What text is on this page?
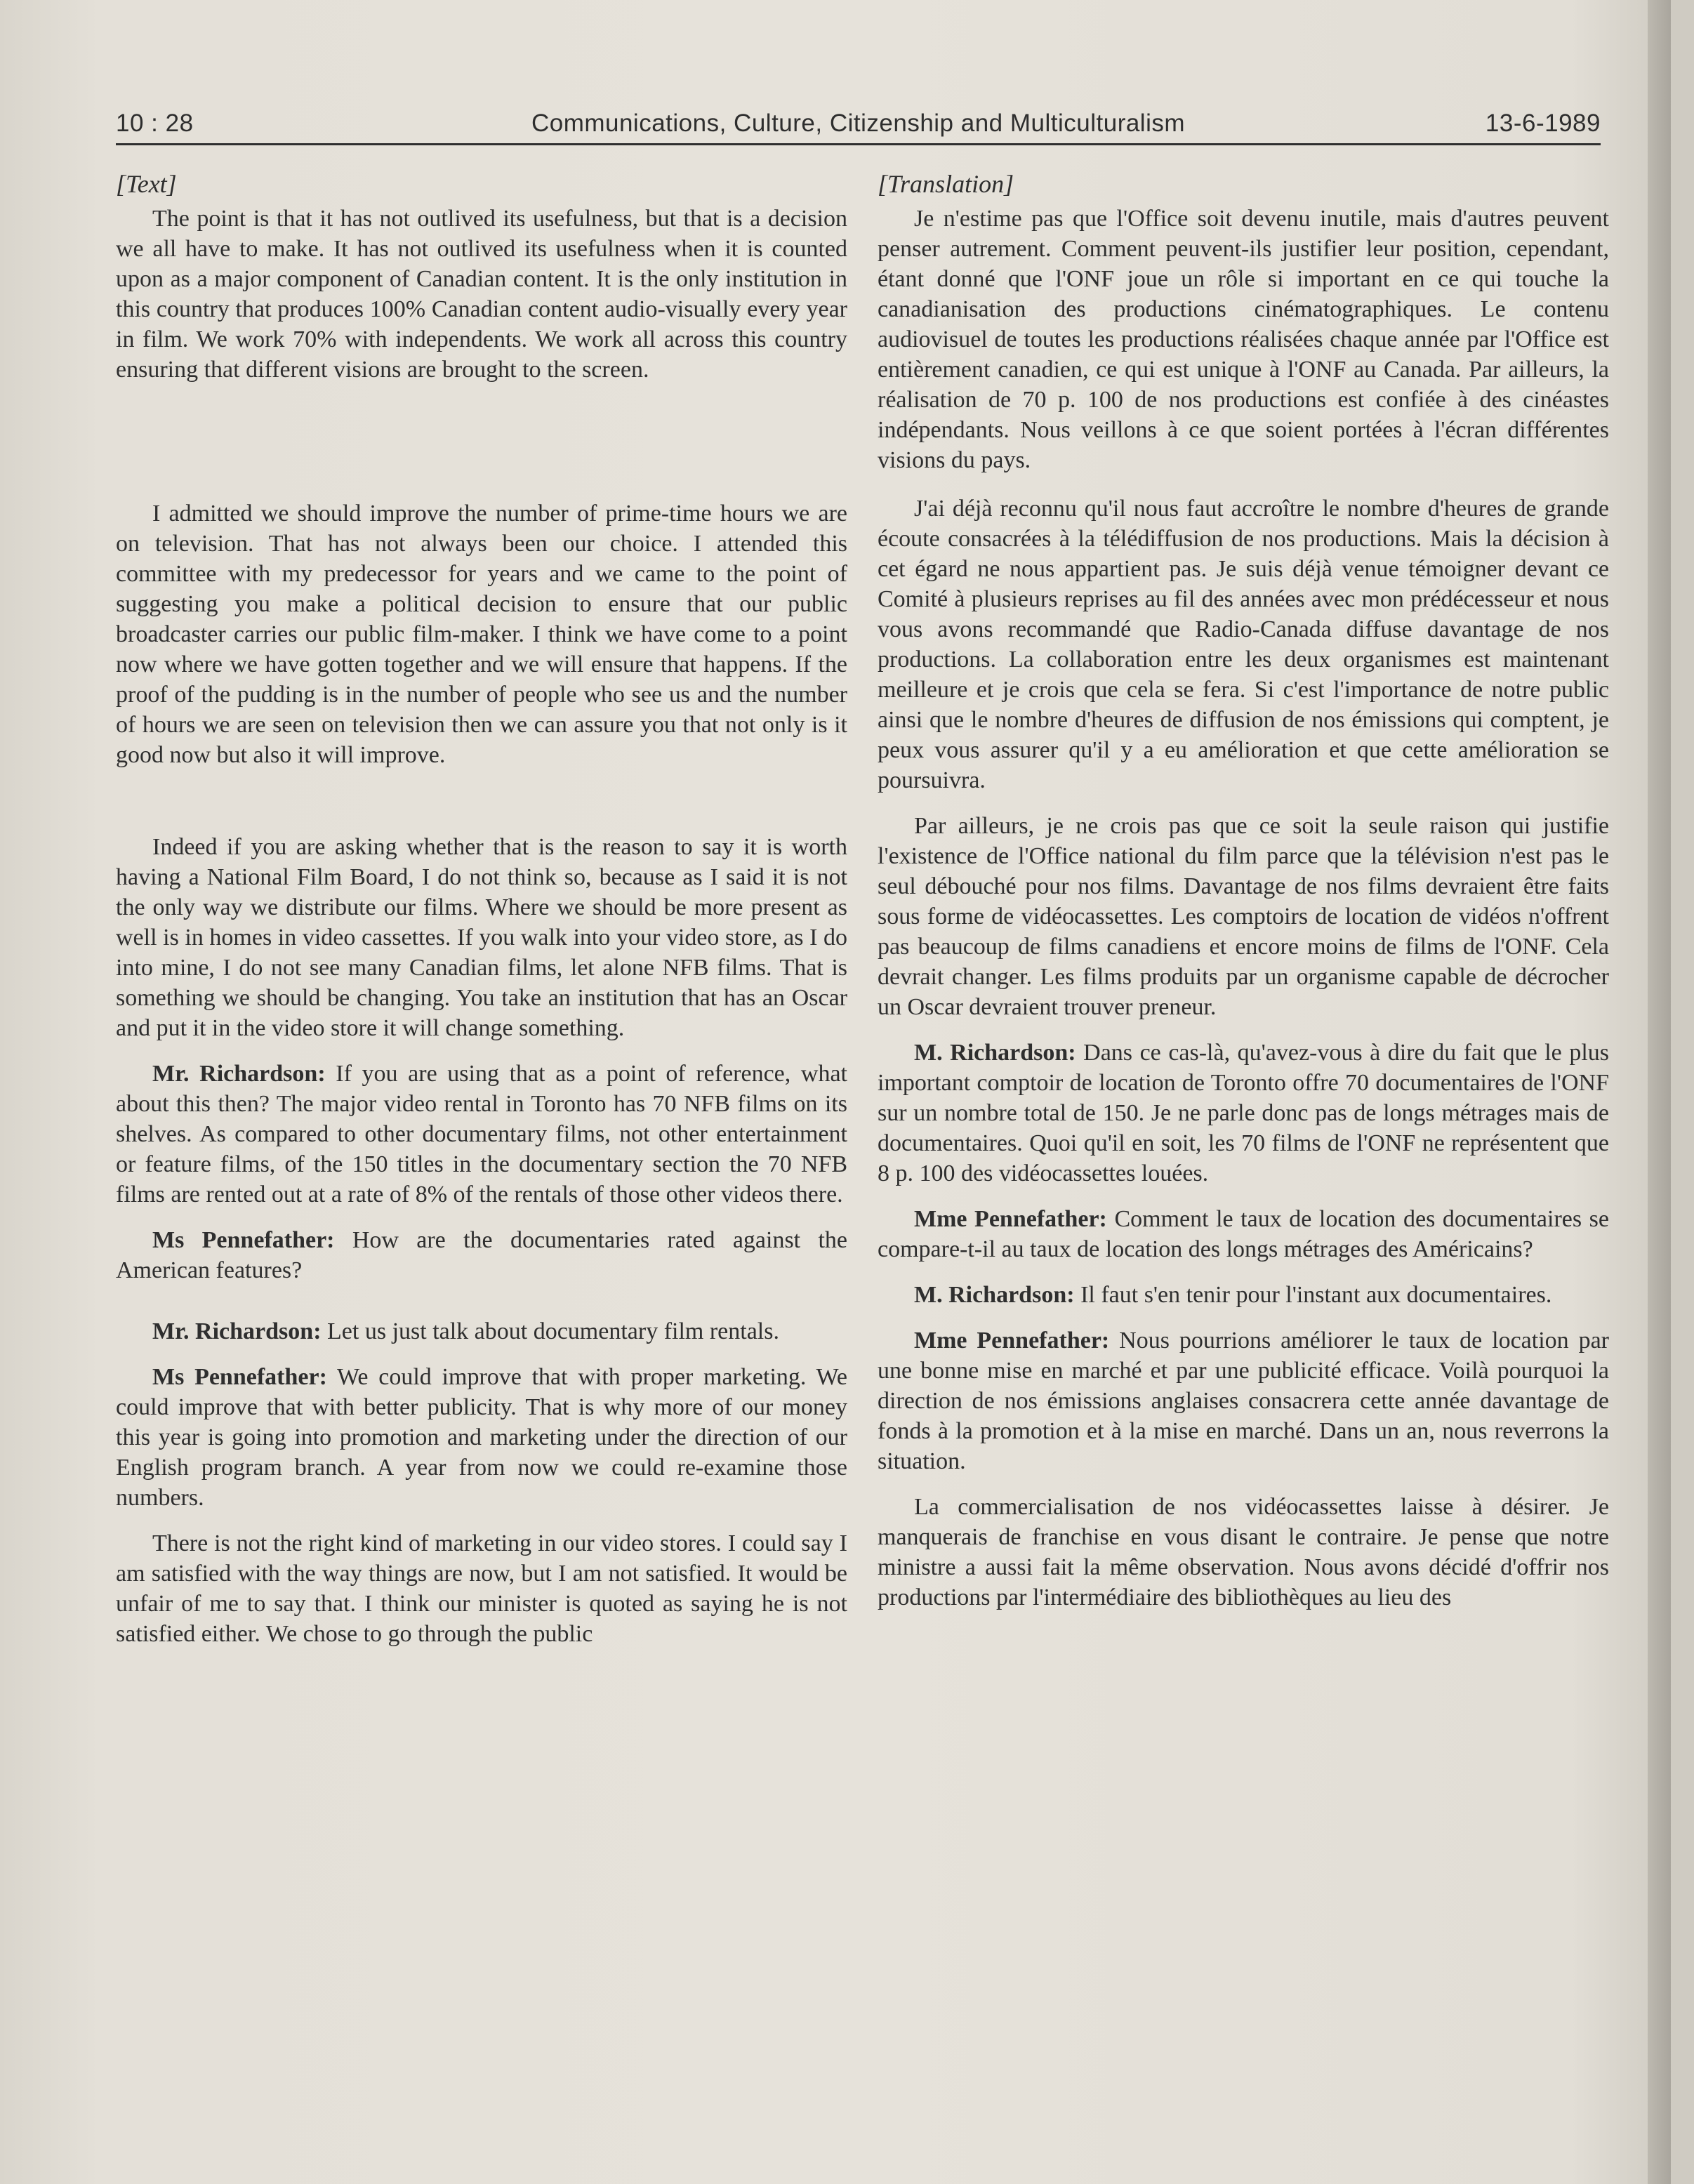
10 : 28	Communications, Culture, Citizenship and Multiculturalism	13-6-1989
[Text]

The point is that it has not outlived its usefulness, but that is a decision we all have to make. It has not outlived its usefulness when it is counted upon as a major component of Canadian content. It is the only institution in this country that produces 100% Canadian content audio-visually every year in film. We work 70% with independents. We work all across this country ensuring that different visions are brought to the screen.

I admitted we should improve the number of prime-time hours we are on television. That has not always been our choice. I attended this committee with my predecessor for years and we came to the point of suggesting you make a political decision to ensure that our public broadcaster carries our public film-maker. I think we have come to a point now where we have gotten together and we will ensure that happens. If the proof of the pudding is in the number of people who see us and the number of hours we are seen on television then we can assure you that not only is it good now but also it will improve.

Indeed if you are asking whether that is the reason to say it is worth having a National Film Board, I do not think so, because as I said it is not the only way we distribute our films. Where we should be more present as well is in homes in video cassettes. If you walk into your video store, as I do into mine, I do not see many Canadian films, let alone NFB films. That is something we should be changing. You take an institution that has an Oscar and put it in the video store it will change something.

Mr. Richardson: If you are using that as a point of reference, what about this then? The major video rental in Toronto has 70 NFB films on its shelves. As compared to other documentary films, not other entertainment or feature films, of the 150 titles in the documentary section the 70 NFB films are rented out at a rate of 8% of the rentals of those other videos there.

Ms Pennefather: How are the documentaries rated against the American features?

Mr. Richardson: Let us just talk about documentary film rentals.

Ms Pennefather: We could improve that with proper marketing. We could improve that with better publicity. That is why more of our money this year is going into promotion and marketing under the direction of our English program branch. A year from now we could re-examine those numbers.

There is not the right kind of marketing in our video stores. I could say I am satisfied with the way things are now, but I am not satisfied. It would be unfair of me to say that. I think our minister is quoted as saying he is not satisfied either. We chose to go through the public

[Translation]

Je n'estime pas que l'Office soit devenu inutile, mais d'autres peuvent penser autrement. Comment peuvent-ils justifier leur position, cependant, étant donné que l'ONF joue un rôle si important en ce qui touche la canadianisation des productions cinématographiques. Le contenu audiovisuel de toutes les productions réalisées chaque année par l'Office est entièrement canadien, ce qui est unique à l'ONF au Canada. Par ailleurs, la réalisation de 70 p. 100 de nos productions est confiée à des cinéastes indépendants. Nous veillons à ce que soient portées à l'écran différentes visions du pays.

J'ai déjà reconnu qu'il nous faut accroître le nombre d'heures de grande écoute consacrées à la télédiffusion de nos productions. Mais la décision à cet égard ne nous appartient pas. Je suis déjà venue témoigner devant ce Comité à plusieurs reprises au fil des années avec mon prédécesseur et nous vous avons recommandé que Radio-Canada diffuse davantage de nos productions. La collaboration entre les deux organismes est maintenant meilleure et je crois que cela se fera. Si c'est l'importance de notre public ainsi que le nombre d'heures de diffusion de nos émissions qui comptent, je peux vous assurer qu'il y a eu amélioration et que cette amélioration se poursuivra.

Par ailleurs, je ne crois pas que ce soit la seule raison qui justifie l'existence de l'Office national du film parce que la télévision n'est pas le seul débouché pour nos films. Davantage de nos films devraient être faits sous forme de vidéocassettes. Les comptoirs de location de vidéos n'offrent pas beaucoup de films canadiens et encore moins de films de l'ONF. Cela devrait changer. Les films produits par un organisme capable de décrocher un Oscar devraient trouver preneur.

M. Richardson: Dans ce cas-là, qu'avez-vous à dire du fait que le plus important comptoir de location de Toronto offre 70 documentaires de l'ONF sur un nombre total de 150. Je ne parle donc pas de longs métrages mais de documentaires. Quoi qu'il en soit, les 70 films de l'ONF ne représentent que 8 p. 100 des vidéocassettes louées.

Mme Pennefather: Comment le taux de location des documentaires se compare-t-il au taux de location des longs métrages des Américains?

M. Richardson: Il faut s'en tenir pour l'instant aux documentaires.

Mme Pennefather: Nous pourrions améliorer le taux de location par une bonne mise en marché et par une publicité efficace. Voilà pourquoi la direction de nos émissions anglaises consacrera cette année davantage de fonds à la promotion et à la mise en marché. Dans un an, nous reverrons la situation.

La commercialisation de nos vidéocassettes laisse à désirer. Je manquerais de franchise en vous disant le contraire. Je pense que notre ministre a aussi fait la même observation. Nous avons décidé d'offrir nos productions par l'intermédiaire des bibliothèques au lieu des
